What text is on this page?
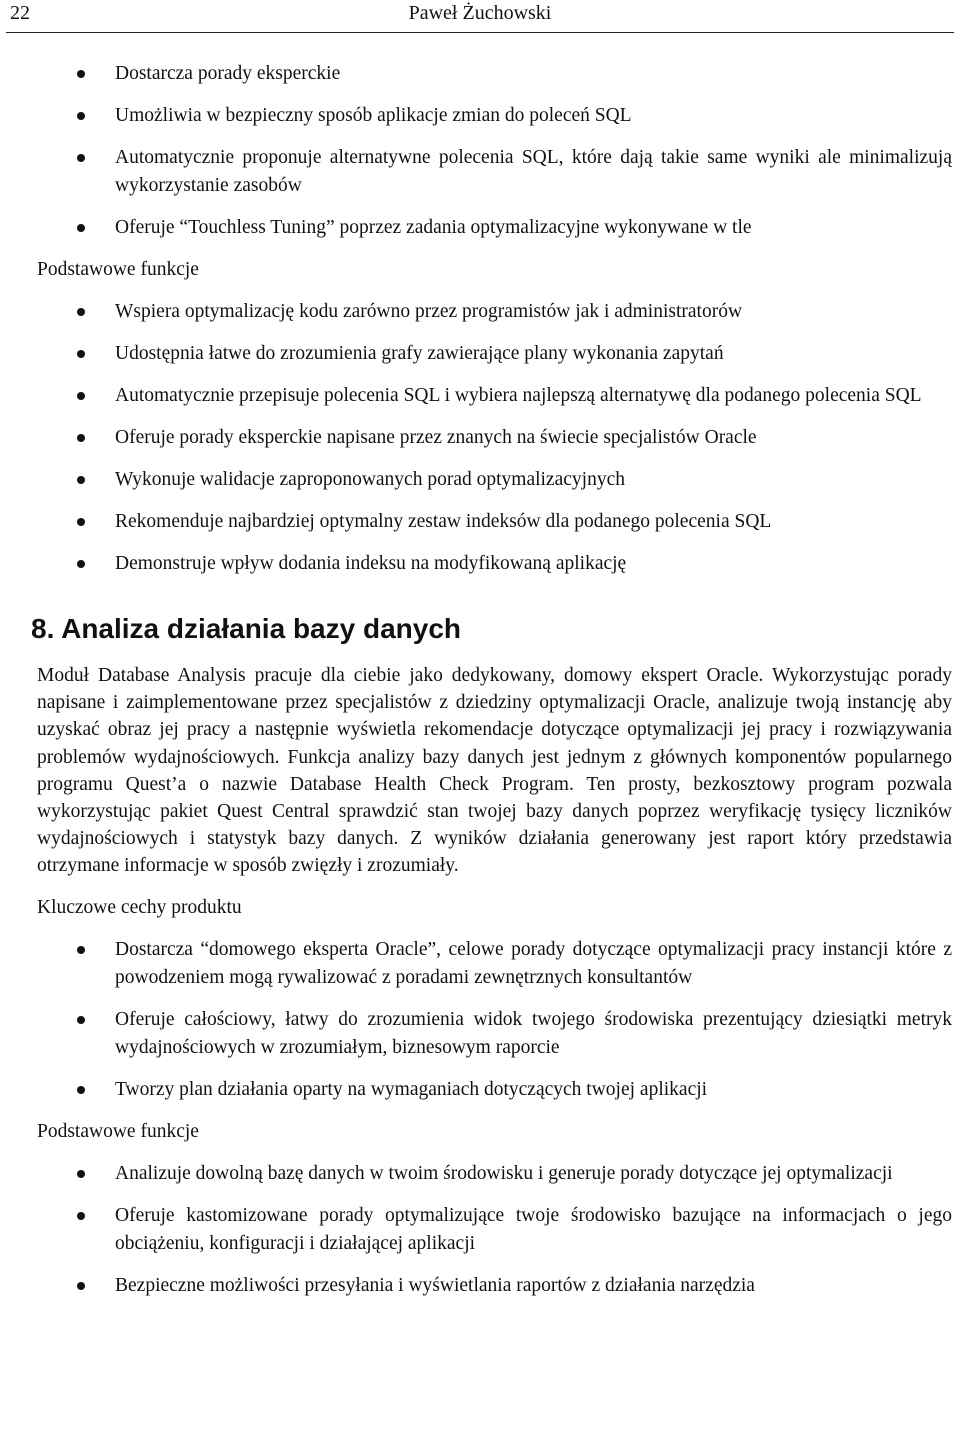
22	Paweł Żuchowski
Dostarcza porady eksperckie
Umożliwia w bezpieczny sposób aplikacje zmian do poleceń SQL
Automatycznie proponuje alternatywne polecenia SQL, które dają takie same wyniki ale minimalizują wykorzystanie zasobów
Oferuje “Touchless Tuning” poprzez zadania optymalizacyjne wykonywane w tle
Podstawowe funkcje
Wspiera optymalizację kodu zarówno przez programistów jak i administratorów
Udostępnia łatwe do zrozumienia grafy zawierające plany wykonania zapytań
Automatycznie przepisuje polecenia SQL i wybiera najlepszą alternatywę dla podanego polecenia SQL
Oferuje porady eksperckie napisane przez znanych na świecie specjalistów Oracle
Wykonuje walidacje zaproponowanych porad optymalizacyjnych
Rekomenduje najbardziej optymalny zestaw indeksów dla podanego polecenia SQL
Demonstruje wpływ dodania indeksu na modyfikowaną aplikację
8. Analiza działania bazy danych

Moduł Database Analysis pracuje dla ciebie jako dedykowany, domowy ekspert Oracle. Wykorzystując porady napisane i zaimplementowane przez specjalistów z dziedziny optymalizacji Oracle, analizuje twoją instancję aby uzyskać obraz jej pracy a następnie wyświetla rekomendacje dotyczące optymalizacji jej pracy i rozwiązywania problemów wydajnościowych. Funkcja analizy bazy danych jest jednym z głównych komponentów popularnego programu Quest’a o nazwie Database Health Check Program. Ten prosty, bezkosztowy program pozwala wykorzystując pakiet Quest Central sprawdzić stan twojej bazy danych poprzez weryfikację tysięcy liczników wydajnościowych i statystyk bazy danych. Z wyników działania generowany jest raport który przedstawia otrzymane informacje w sposób zwięzły i zrozumiały.

Kluczowe cechy produktu
Dostarcza “domowego eksperta Oracle”, celowe porady dotyczące optymalizacji pracy instancji które z powodzeniem mogą rywalizować z poradami zewnętrznych konsultantów
Oferuje całościowy, łatwy do zrozumienia widok twojego środowiska prezentujący dziesiątki metryk wydajnościowych w zrozumiałym, biznesowym raporcie
Tworzy plan działania oparty na wymaganiach dotyczących twojej aplikacji
Podstawowe funkcje
Analizuje dowolną bazę danych w twoim środowisku i generuje porady dotyczące jej optymalizacji
Oferuje kastomizowane porady optymalizujące twoje środowisko bazujące na informacjach o jego obciążeniu, konfiguracji i działającej aplikacji
Bezpieczne możliwości przesyłania i wyświetlania raportów z działania narzędzia
